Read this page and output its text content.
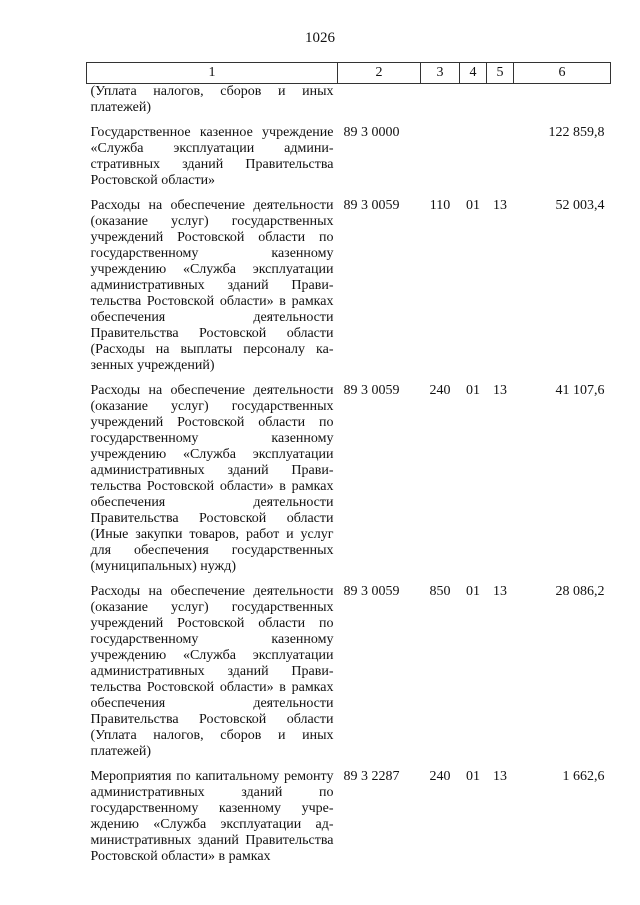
1026
1	2	3	4	5	6
(Уплата налогов, сборов и иных платежей)					
Государственное казенное учреждение «Служба эксплуатации административных зданий Правительства Ростовской области»	89 3 0000				122 859,8
Расходы на обеспечение деятельности (оказание услуг) государственных учреждений Ростовской области по государственному казенному учреждению «Служба эксплуатации административных зданий Правительства Ростовской области» в рамках обеспечения деятельности Правительства Ростовской области (Расходы на выплаты персоналу казенных учреждений)	89 3 0059	110	01	13	52 003,4
Расходы на обеспечение деятельности (оказание услуг) государственных учреждений Ростовской области по государственному казенному учреждению «Служба эксплуатации административных зданий Правительства Ростовской области» в рамках обеспечения деятельности Правительства Ростовской области (Иные закупки товаров, работ и услуг для обеспечения государственных (муниципальных) нужд)	89 3 0059	240	01	13	41 107,6
Расходы на обеспечение деятельности (оказание услуг) государственных учреждений Ростовской области по государственному казенному учреждению «Служба эксплуатации административных зданий Правительства Ростовской области» в рамках обеспечения деятельности Правительства Ростовской области (Уплата налогов, сборов и иных платежей)	89 3 0059	850	01	13	28 086,2
Мероприятия по капитальному ремонту административных зданий по государственному казенному учреждению «Служба эксплуатации административных зданий Правительства Ростовской области» в рамках	89 3 2287	240	01	13	1 662,6
